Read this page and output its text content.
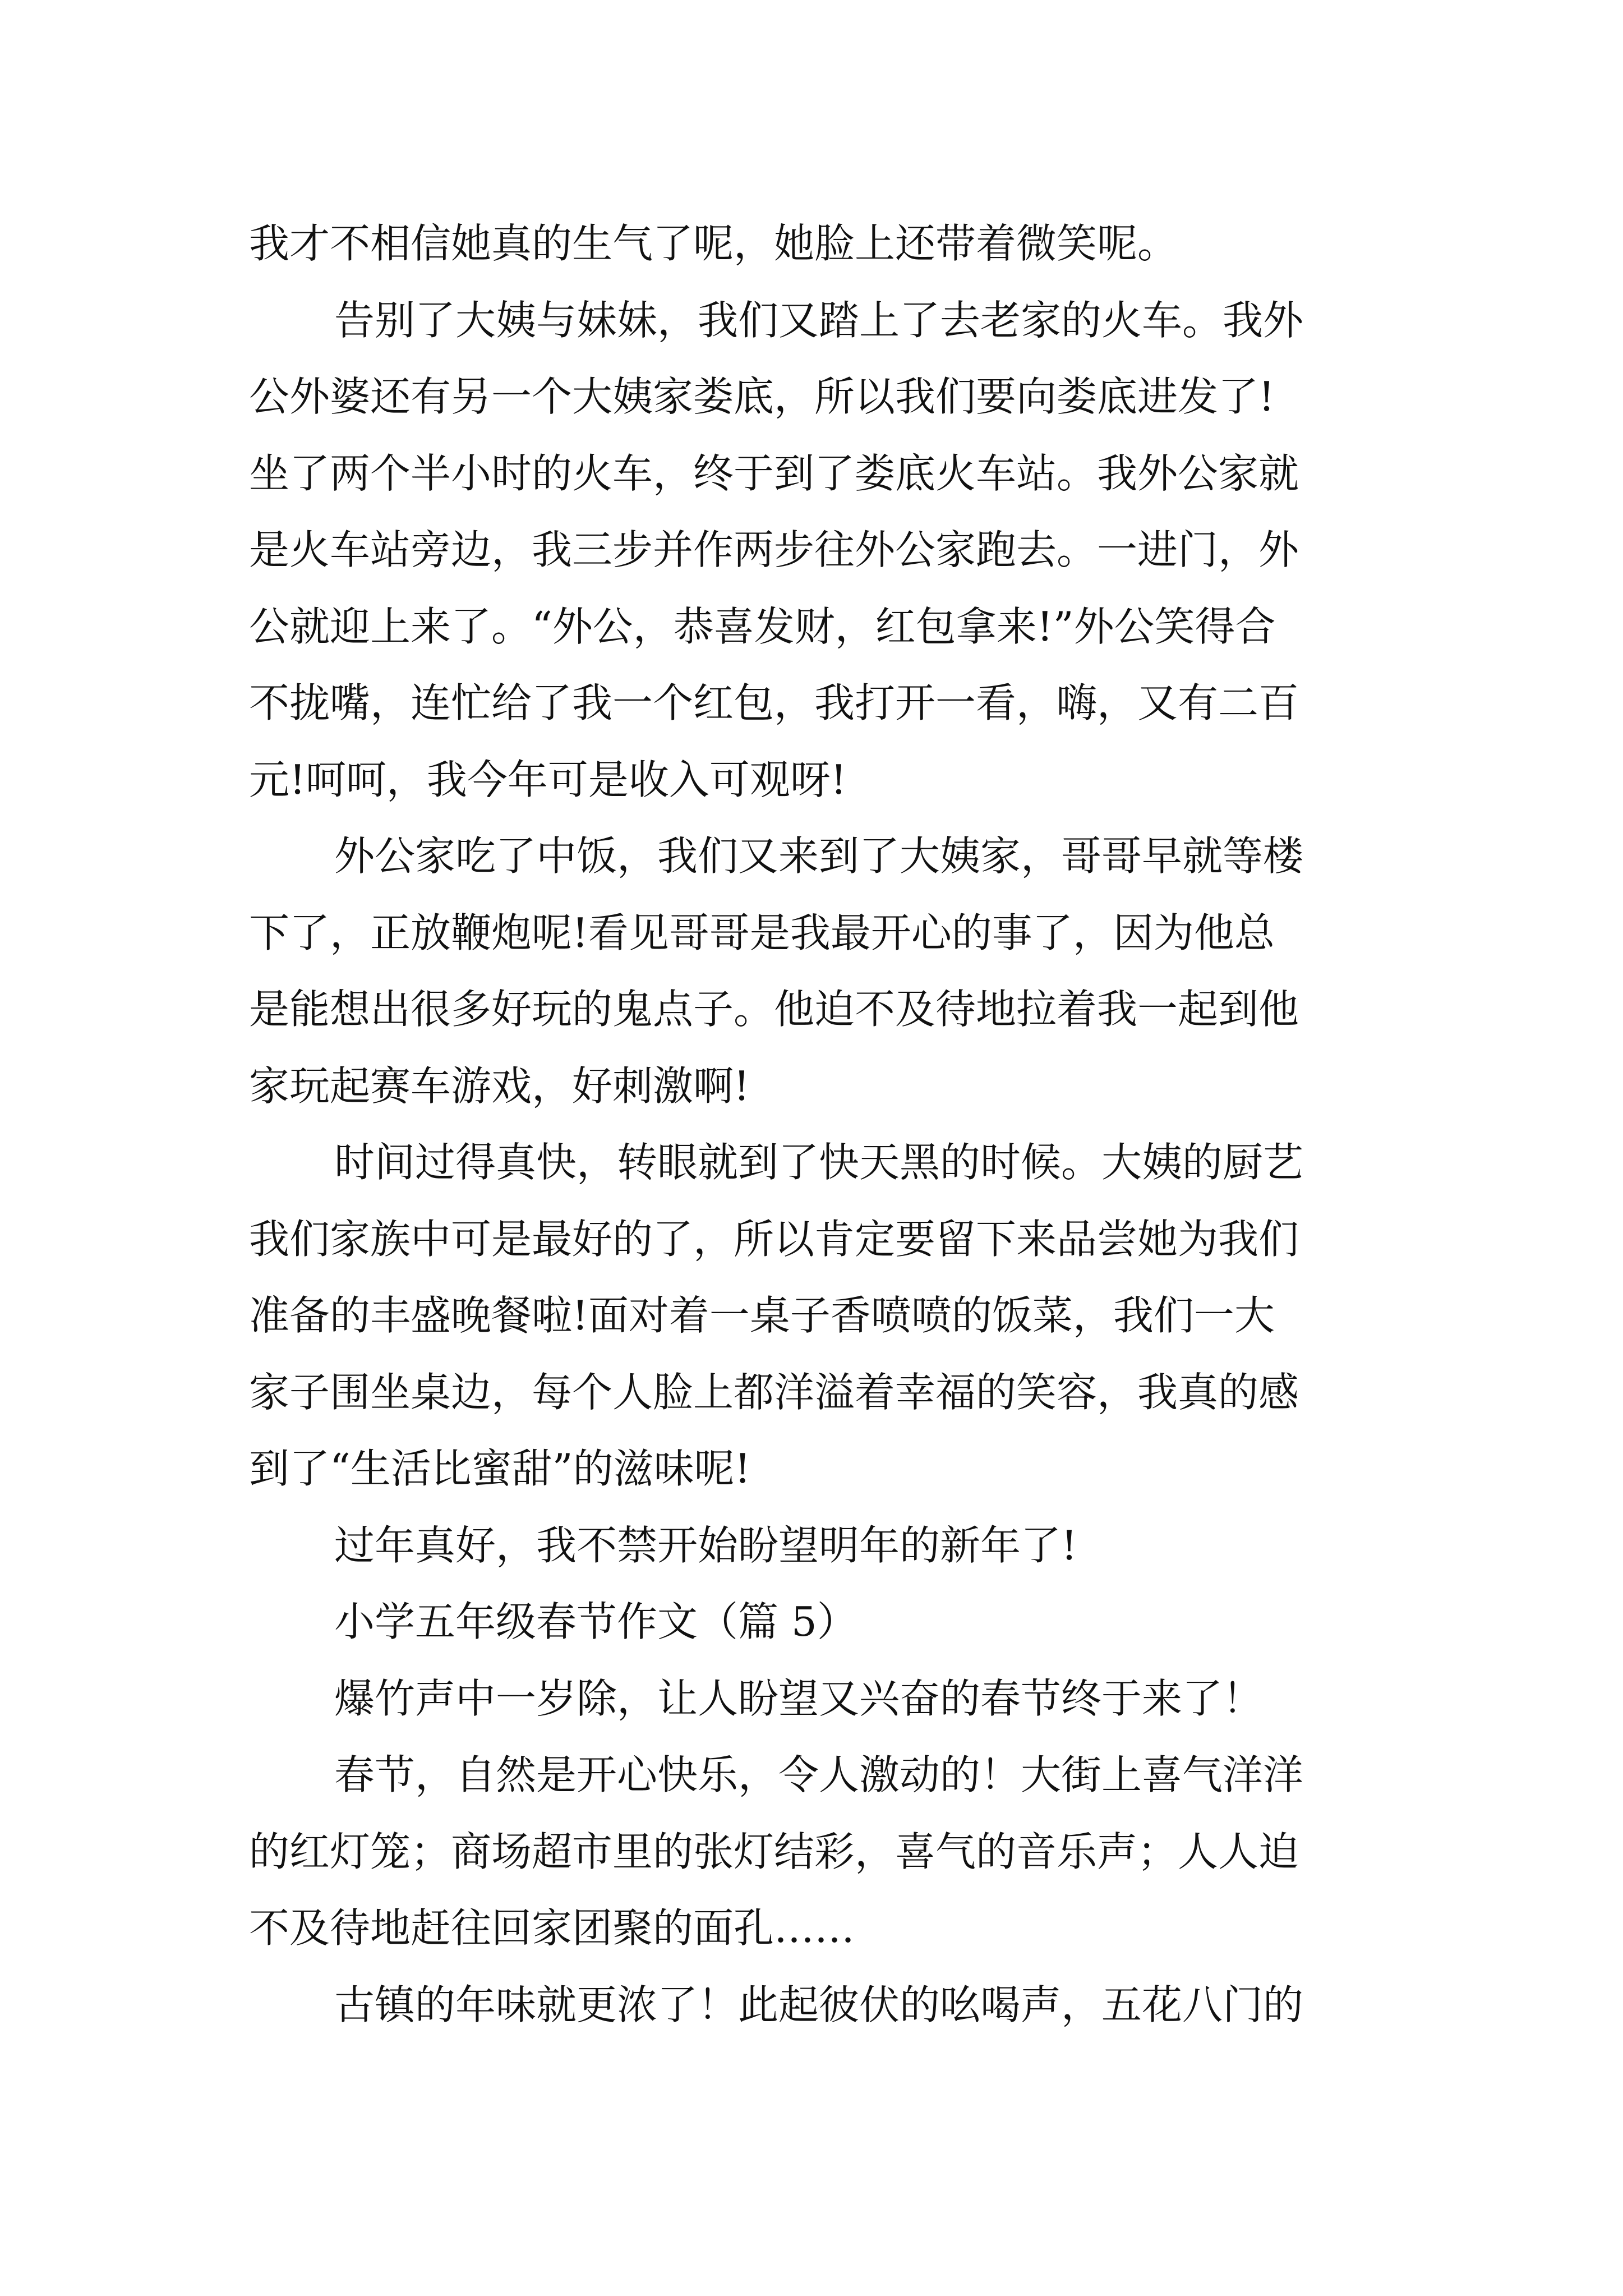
我才不相信她真的生气了呢，她脸上还带着微笑呢。
告别了大姨与妹妹，我们又踏上了去老家的火车。我外
公外婆还有另一个大姨家娄底，所以我们要向娄底进发了!
坐了两个半小时的火车，终于到了娄底火车站。我外公家就
是火车站旁边，我三步并作两步往外公家跑去。一进门，外
公就迎上来了。“外公，恭喜发财，红包拿来!”外公笑得合
不拢嘴，连忙给了我一个红包，我打开一看，嗨，又有二百
元!呵呵，我今年可是收入可观呀!
外公家吃了中饭，我们又来到了大姨家，哥哥早就等楼
下了，正放鞭炮呢!看见哥哥是我最开心的事了，因为他总
是能想出很多好玩的鬼点子。他迫不及待地拉着我一起到他
家玩起赛车游戏，好刺激啊!
时间过得真快，转眼就到了快天黑的时候。大姨的厨艺
我们家族中可是最好的了，所以肯定要留下来品尝她为我们
准备的丰盛晚餐啦!面对着一桌子香喷喷的饭菜，我们一大
家子围坐桌边，每个人脸上都洋溢着幸福的笑容，我真的感
到了“生活比蜜甜”的滋味呢!
过年真好，我不禁开始盼望明年的新年了!
小学五年级春节作文（篇 5）
爆竹声中一岁除，让人盼望又兴奋的春节终于来了！
春节，自然是开心快乐，令人激动的！大街上喜气洋洋
的红灯笼；商场超市里的张灯结彩，喜气的音乐声；人人迫
不及待地赶往回家团聚的面孔……
古镇的年味就更浓了！此起彼伏的吆喝声，五花八门的
